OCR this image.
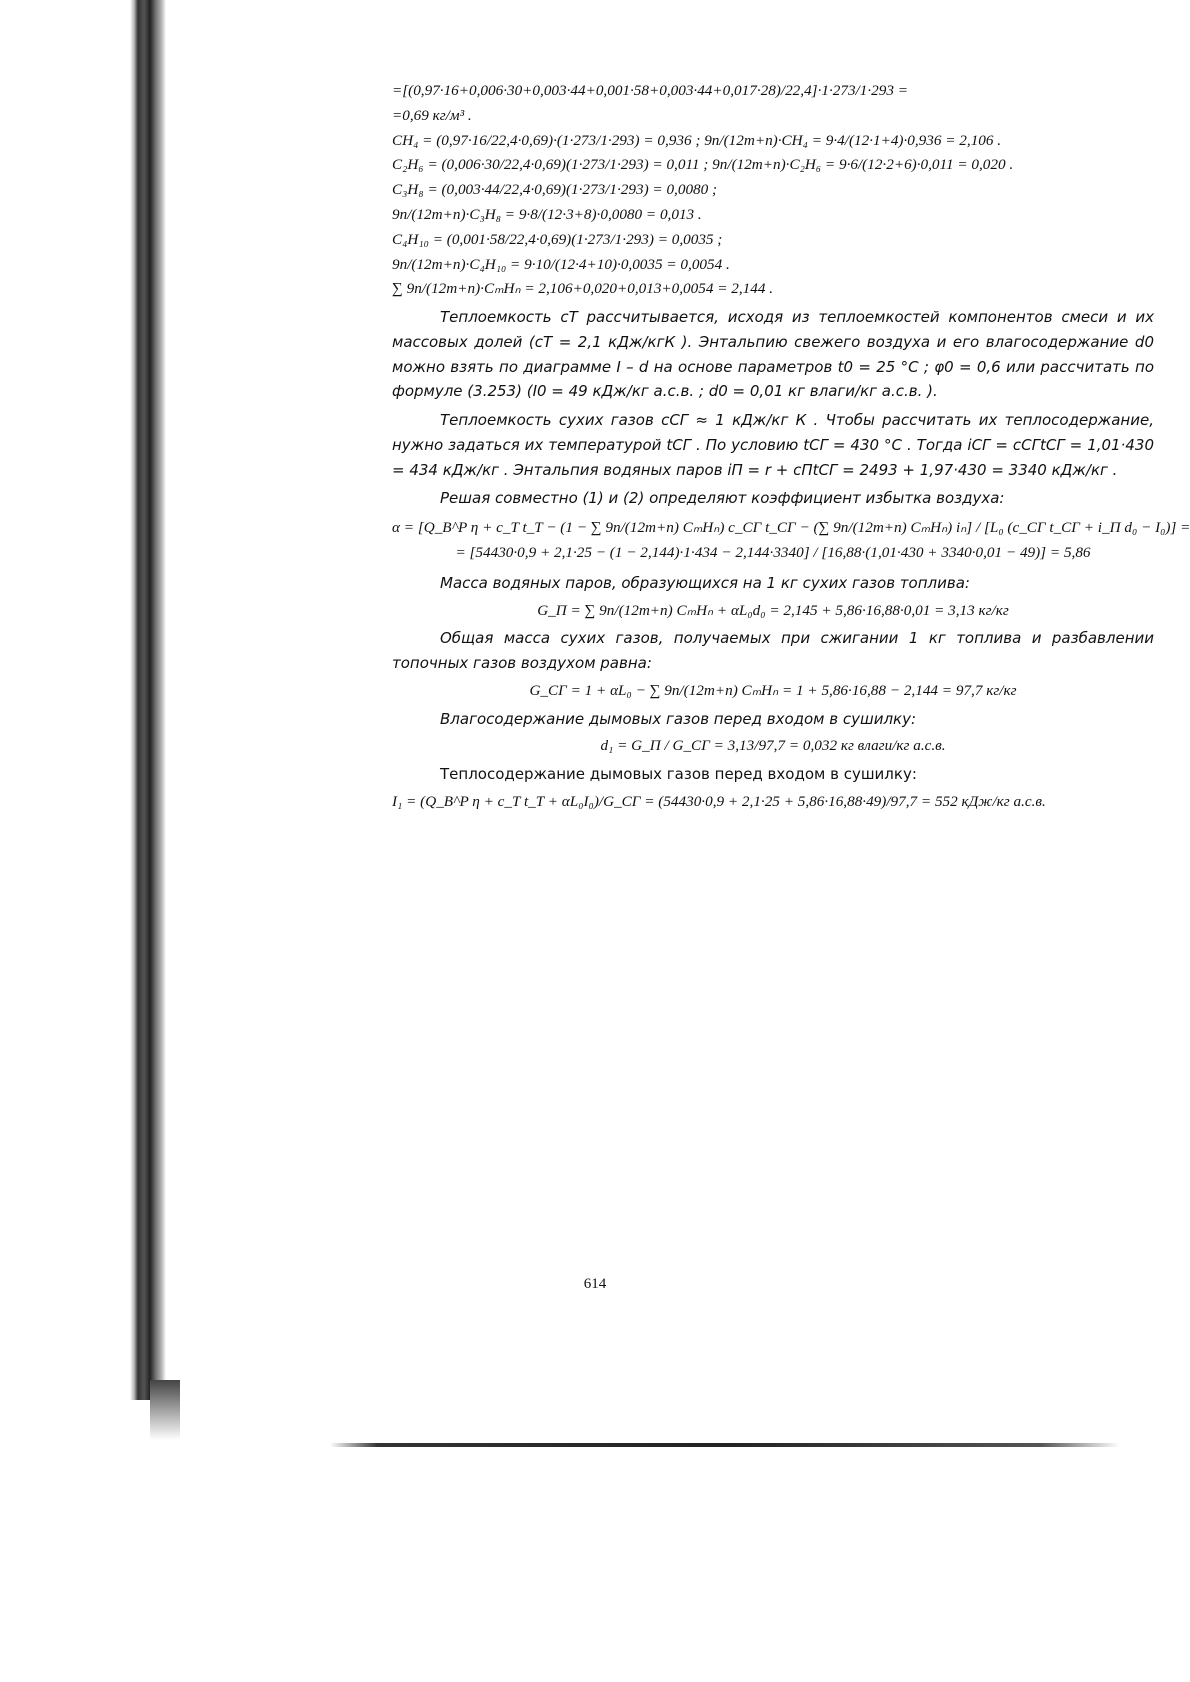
=[(0,97·16+0,006·30+0,003·44+0,001·58+0,003·44+0,017·28)/22,4]·1·273/1·293 =
=0,69 кг/м³ .
CH₄ = (0,97·16/22,4·0,69)·(1·273/1·293) = 0,936 ; 9n/(12m+n)·CH₄ = 9·4/(12·1+4)·0,936 = 2,106 .
C₂H₆ = (0,006·30/22,4·0,69)(1·273/1·293) = 0,011 ; 9n/(12m+n)·C₂H₆ = 9·6/(12·2+6)·0,011 = 0,020 .
C₃H₈ = (0,003·44/22,4·0,69)(1·273/1·293) = 0,0080 ;
9n/(12m+n)·C₃H₈ = 9·8/(12·3+8)·0,0080 = 0,013 .
C₄H₁₀ = (0,001·58/22,4·0,69)(1·273/1·293) = 0,0035 ;
9n/(12m+n)·C₄H₁₀ = 9·10/(12·4+10)·0,0035 = 0,0054 .
∑ 9n/(12m+n)·CₘHₙ = 2,106+0,020+0,013+0,0054 = 2,144 .

Теплоемкость cT рассчитывается, исходя из теплоемкостей компонентов смеси и их массовых долей (cT = 2,1 кДж/кгК ). Энтальпию свежего воздуха и его влагосодержание d0 можно взять по диаграмме I – d на основе параметров t0 = 25 °C ; φ0 = 0,6 или рассчитать по формуле (3.253) (I0 = 49 кДж/кг а.с.в. ; d0 = 0,01 кг влаги/кг а.с.в. ).

Теплоемкость сухих газов cСГ ≈ 1 кДж/кг К . Чтобы рассчитать их теплосодержание, нужно задаться их температурой tСГ . По условию tСГ = 430 °C . Тогда iСГ = cСГtСГ = 1,01·430 = 434 кДж/кг . Энтальпия водяных паров iП = r + cПtСГ = 2493 + 1,97·430 = 3340 кДж/кг .

Решая совместно (1) и (2) определяют коэффициент избытка воздуха:

α = [Q_B^P η + c_T t_T − (1 − ∑ 9n/(12m+n) CₘHₙ) c_СГ t_СГ − (∑ 9n/(12m+n) CₘHₙ) iₙ] / [L₀ (c_СГ t_СГ + i_П d₀ − I₀)] =
= [54430·0,9 + 2,1·25 − (1 − 2,144)·1·434 − 2,144·3340] / [16,88·(1,01·430 + 3340·0,01 − 49)] = 5,86

Масса водяных паров, образующихся на 1 кг сухих газов топлива:

G_П = ∑ 9n/(12m+n) CₘHₙ + αL₀d₀ = 2,145 + 5,86·16,88·0,01 = 3,13 кг/кг

Общая масса сухих газов, получаемых при сжигании 1 кг топлива и разбавлении топочных газов воздухом равна:

G_СГ = 1 + αL₀ − ∑ 9n/(12m+n) CₘHₙ = 1 + 5,86·16,88 − 2,144 = 97,7 кг/кг

Влагосодержание дымовых газов перед входом в сушилку:

d₁ = G_П / G_СГ = 3,13/97,7 = 0,032 кг влаги/кг а.с.в.

Теплосодержание дымовых газов перед входом в сушилку:

I₁ = (Q_B^P η + c_T t_T + αL₀I₀)/G_СГ = (54430·0,9 + 2,1·25 + 5,86·16,88·49)/97,7 = 552 кДж/кг а.с.в.
614
